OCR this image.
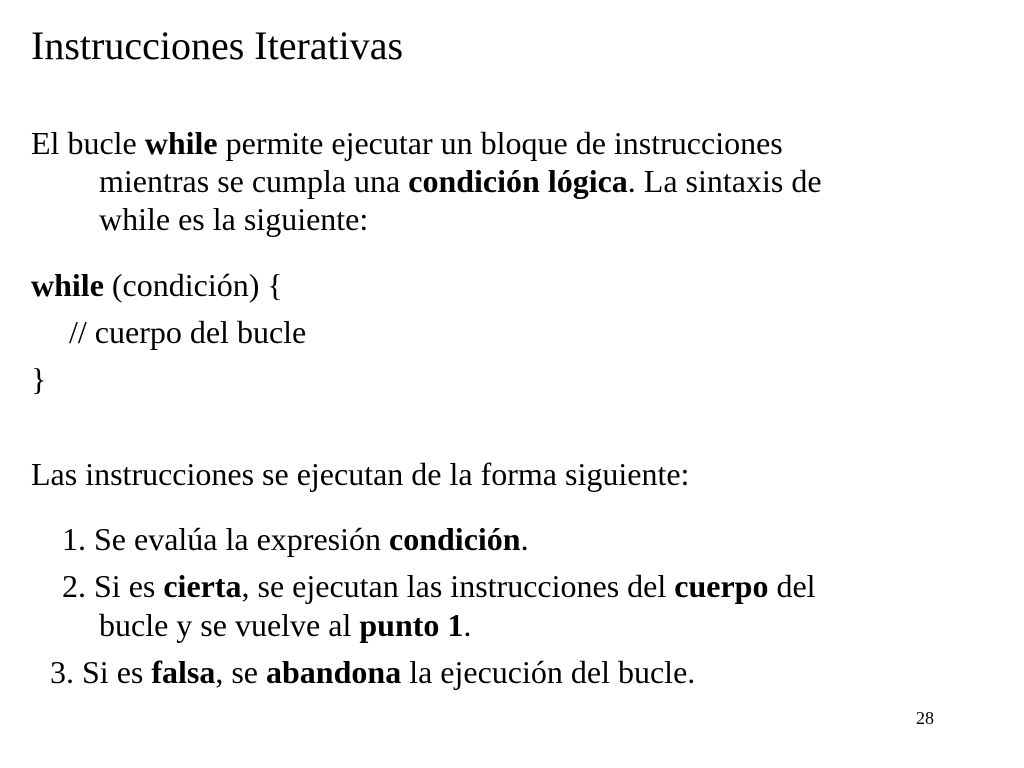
Instrucciones Iterativas

El bucle while permite ejecutar un bloque de instrucciones
mientras se cumpla una condición lógica. La sintaxis de
while es la siguiente:

while (condición) {
// cuerpo del bucle
}
Las instrucciones se ejecutan de la forma siguiente:
1. Se evalúa la expresión condición.
2. Si es cierta, se ejecutan las instrucciones del cuerpo del
bucle y se vuelve al punto 1.
3. Si es falsa, se abandona la ejecución del bucle.
28
